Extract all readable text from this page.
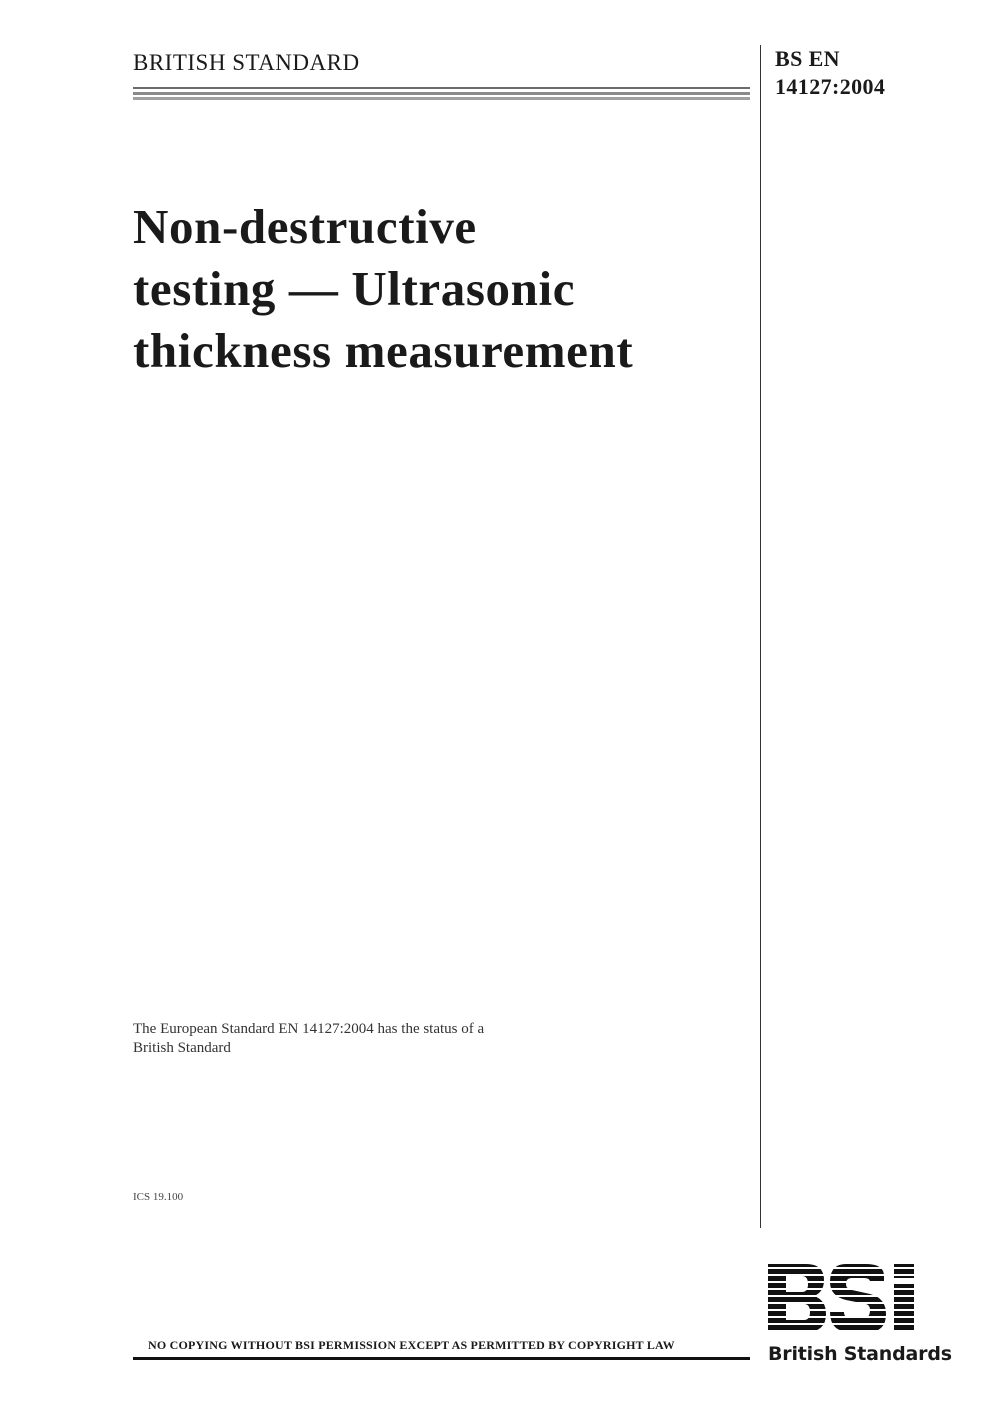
BRITISH STANDARD	BS EN
14127:2004
Non-destructive
testing — Ultrasonic
thickness measurement
The European Standard EN 14127:2004 has the status of a
British Standard
ICS 19.100
NO COPYING WITHOUT BSI PERMISSION EXCEPT AS PERMITTED BY COPYRIGHT LAW	British Standards
